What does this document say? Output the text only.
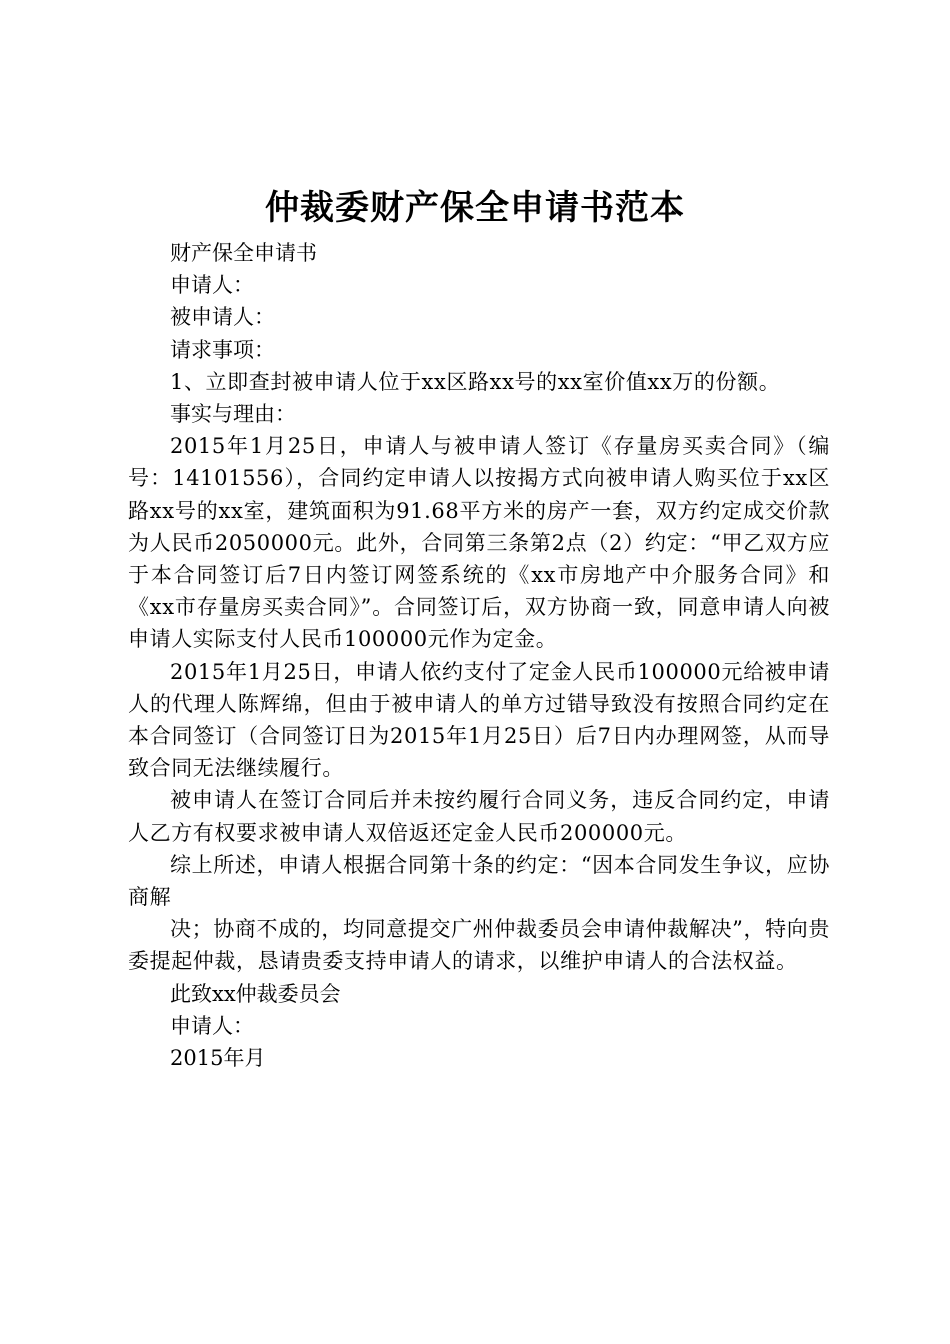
仲裁委财产保全申请书范本

财产保全申请书

申请人：

被申请人：

请求事项：

1、立即查封被申请人位于xx区路xx号的xx室价值xx万的份额。

事实与理由：

2015年1月25日，申请人与被申请人签订《存量房买卖合同》（编号：14101556），合同约定申请人以按揭方式向被申请人购买位于xx区路xx号的xx室，建筑面积为91.68平方米的房产一套，双方约定成交价款为人民币2050000元。此外，合同第三条第2点（2）约定：“甲乙双方应于本合同签订后7日内签订网签系统的《xx市房地产中介服务合同》和《xx市存量房买卖合同》”。合同签订后，双方协商一致，同意申请人向被申请人实际支付人民币100000元作为定金。

2015年1月25日，申请人依约支付了定金人民币100000元给被申请人的代理人陈辉绵，但由于被申请人的单方过错导致没有按照合同约定在本合同签订（合同签订日为2015年1月25日）后7日内办理网签，从而导致合同无法继续履行。

被申请人在签订合同后并未按约履行合同义务，违反合同约定，申请人乙方有权要求被申请人双倍返还定金人民币200000元。

综上所述，申请人根据合同第十条的约定：“因本合同发生争议，应协商解

决；协商不成的，均同意提交广州仲裁委员会申请仲裁解决”，特向贵委提起仲裁，恳请贵委支持申请人的请求，以维护申请人的合法权益。

此致xx仲裁委员会

申请人：

2015年月
